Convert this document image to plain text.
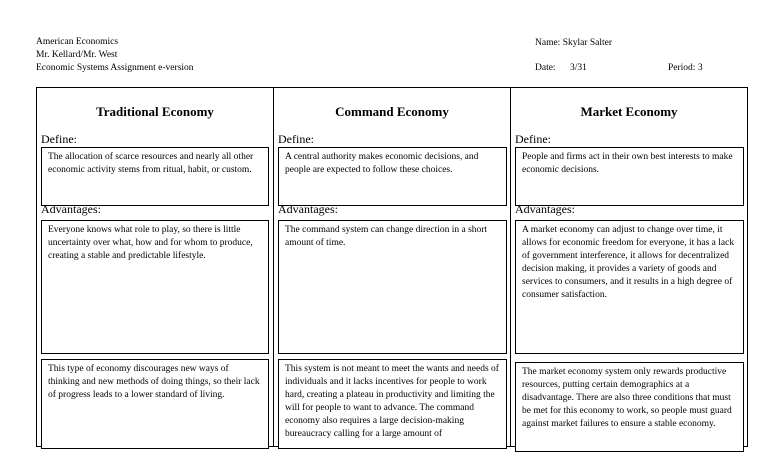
American Economics
Mr. Kellard/Mr. West
Economic Systems Assignment e-version
Name: Skylar Salter
Date: 3/31	Period: 3
Traditional Economy
Define:
The allocation of scarce resources and nearly all other economic activity stems from ritual, habit, or custom.
Advantages:
Everyone knows what role to play, so there is little uncertainty over what, how and for whom to produce, creating a stable and predictable lifestyle.
This type of economy discourages new ways of thinking and new methods of doing things, so their lack of progress leads to a lower standard of living.
Command Economy
Define:
A central authority makes economic decisions, and people are expected to follow these choices.
Advantages:
The command system can change direction in a short amount of time.
This system is not meant to meet the wants and needs of individuals and it lacks incentives for people to work hard, creating a plateau in productivity and limiting the will for people to want to advance. The command economy also requires a large decision-making bureaucracy calling for a large amount of
Market Economy
Define:
People and firms act in their own best interests to make economic decisions.
Advantages:
A market economy can adjust to change over time, it allows for economic freedom for everyone, it has a lack of government interference, it allows for decentralized decision making, it provides a variety of goods and services to consumers, and it results in a high degree of consumer satisfaction.
The market economy system only rewards productive resources, putting certain demographics at a disadvantage. There are also three conditions that must be met for this economy to work, so people must guard against market failures to ensure a stable economy.
